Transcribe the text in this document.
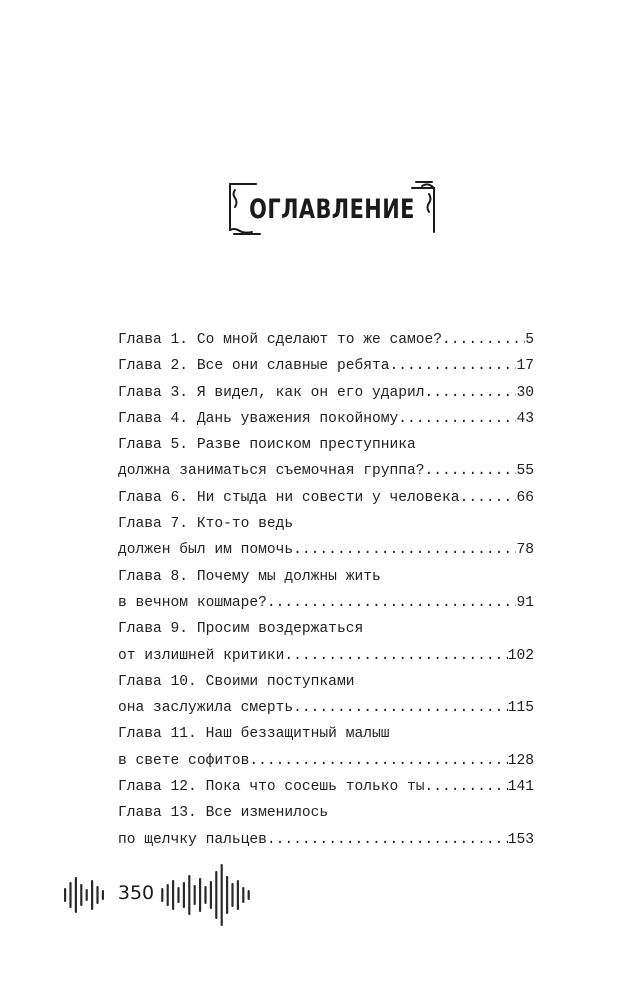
ОГЛАВЛЕНИЕ
Глава 1. Со мной сделают то же самое? .....	5
Глава 2. Все они славные ребята .....	17
Глава 3. Я видел, как он его ударил .....	30
Глава 4. Дань уважения покойному .....	43
Глава 5. Разве поиском преступника
должна заниматься съемочная группа? .....	55
Глава 6. Ни стыда ни совести у человека .....	66
Глава 7. Кто-то ведь
должен был им помочь .....	78
Глава 8. Почему мы должны жить
в вечном кошмаре? .....	91
Глава 9. Просим воздержаться
от излишней критики .....	102
Глава 10. Своими поступками
она заслужила смерть .....	115
Глава 11. Наш беззащитный малыш
в свете софитов .....	128
Глава 12. Пока что сосешь только ты .....	141
Глава 13. Все изменилось
по щелчку пальцев .....	153
350
